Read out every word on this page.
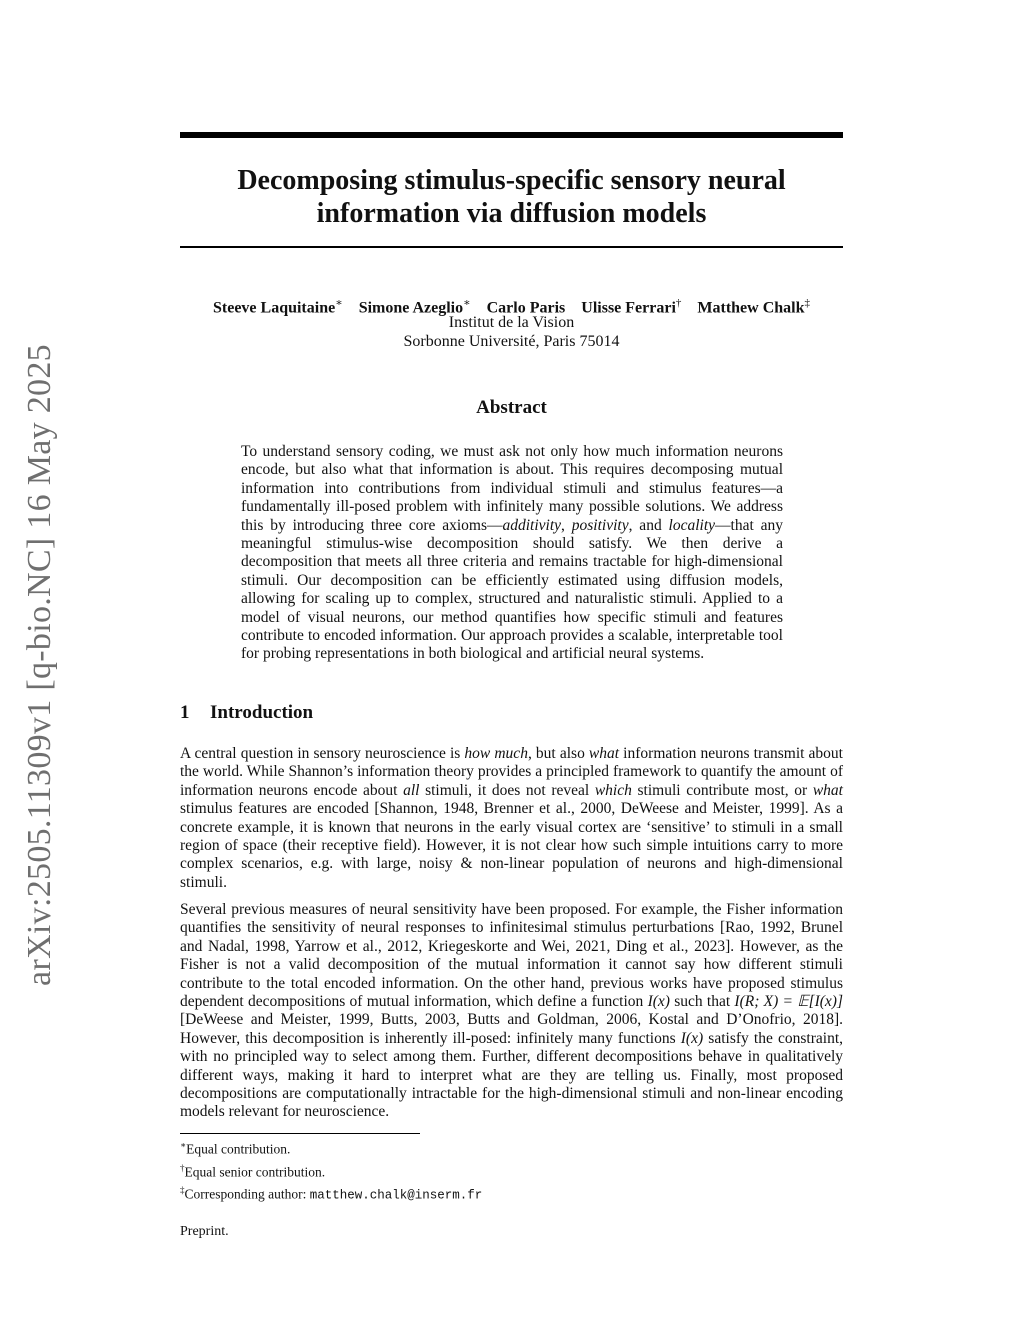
arXiv:2505.11309v1 [q-bio.NC] 16 May 2025
Decomposing stimulus-specific sensory neural
information via diffusion models
Steeve Laquitaine∗ Simone Azeglio∗ Carlo Paris Ulisse Ferrari† Matthew Chalk‡
Institut de la Vision
Sorbonne Université, Paris 75014
Abstract
To understand sensory coding, we must ask not only how much information neurons encode, but also what that information is about. This requires decomposing mutual information into contributions from individual stimuli and stimulus features—a fundamentally ill-posed problem with infinitely many possible solutions. We address this by introducing three core axioms—additivity, positivity, and locality—that any meaningful stimulus-wise decomposition should satisfy. We then derive a decomposition that meets all three criteria and remains tractable for high-dimensional stimuli. Our decomposition can be efficiently estimated using diffusion models, allowing for scaling up to complex, structured and naturalistic stimuli. Applied to a model of visual neurons, our method quantifies how specific stimuli and features contribute to encoded information. Our approach provides a scalable, interpretable tool for probing representations in both biological and artificial neural systems.
1 Introduction
A central question in sensory neuroscience is how much, but also what information neurons transmit about the world. While Shannon’s information theory provides a principled framework to quantify the amount of information neurons encode about all stimuli, it does not reveal which stimuli contribute most, or what stimulus features are encoded [Shannon, 1948, Brenner et al., 2000, DeWeese and Meister, 1999]. As a concrete example, it is known that neurons in the early visual cortex are ‘sensitive’ to stimuli in a small region of space (their receptive field). However, it is not clear how such simple intuitions carry to more complex scenarios, e.g. with large, noisy & non-linear population of neurons and high-dimensional stimuli.
Several previous measures of neural sensitivity have been proposed. For example, the Fisher information quantifies the sensitivity of neural responses to infinitesimal stimulus perturbations [Rao, 1992, Brunel and Nadal, 1998, Yarrow et al., 2012, Kriegeskorte and Wei, 2021, Ding et al., 2023]. However, as the Fisher is not a valid decomposition of the mutual information it cannot say how different stimuli contribute to the total encoded information. On the other hand, previous works have proposed stimulus dependent decompositions of mutual information, which define a function I(x) such that I(R; X) = 𝔼[I(x)] [DeWeese and Meister, 1999, Butts, 2003, Butts and Goldman, 2006, Kostal and D’Onofrio, 2018]. However, this decomposition is inherently ill-posed: infinitely many functions I(x) satisfy the constraint, with no principled way to select among them. Further, different decompositions behave in qualitatively different ways, making it hard to interpret what are they are telling us. Finally, most proposed decompositions are computationally intractable for the high-dimensional stimuli and non-linear encoding models relevant for neuroscience.
∗Equal contribution.
†Equal senior contribution.
‡Corresponding author: matthew.chalk@inserm.fr
Preprint.
